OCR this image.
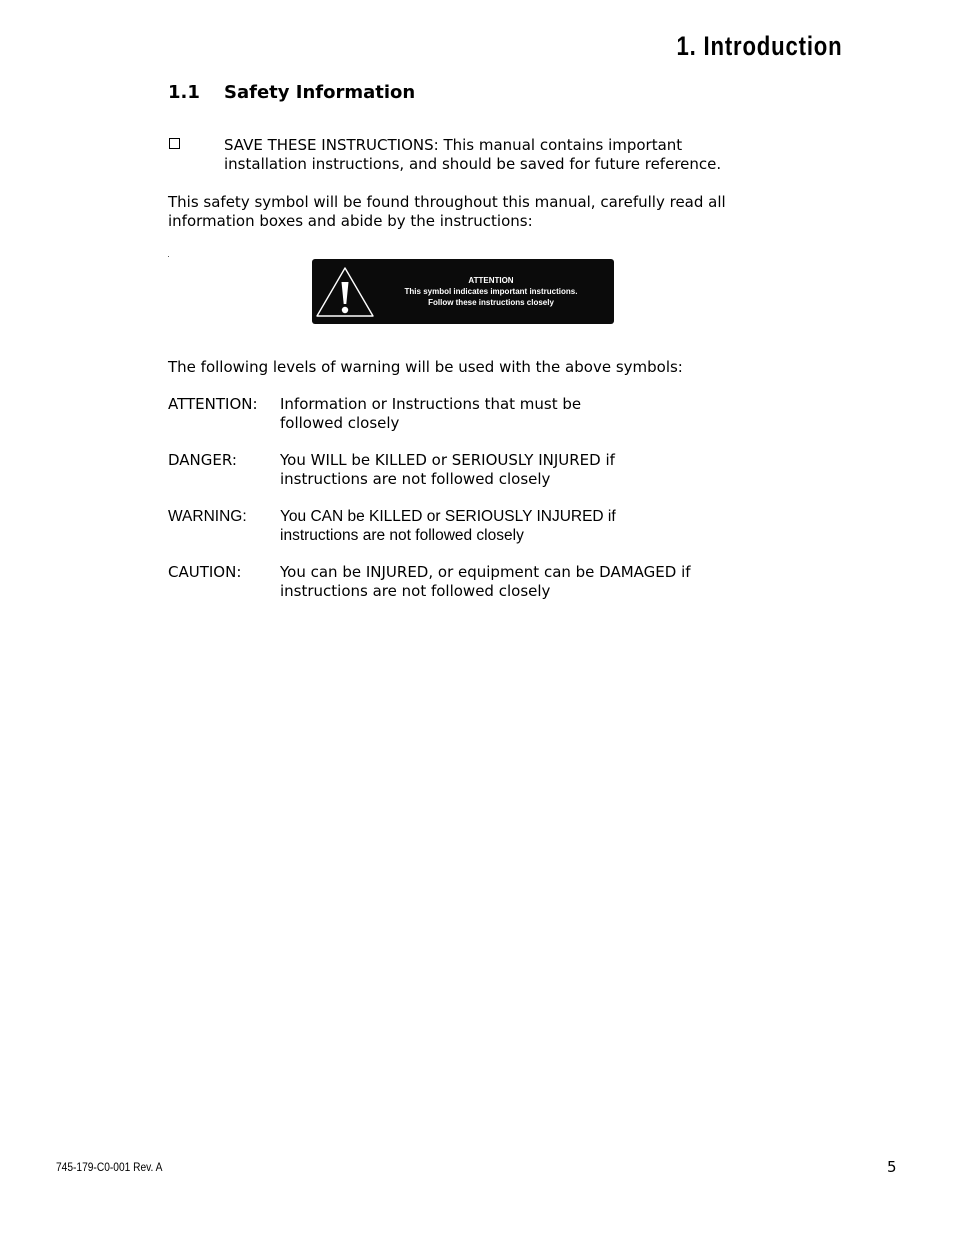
1. Introduction
1.1 Safety Information
SAVE THESE INSTRUCTIONS: This manual contains important
installation instructions, and should be saved for future reference.
This safety symbol will be found throughout this manual, carefully read all
information boxes and abide by the instructions:
ATTENTION
This symbol indicates important instructions.
Follow these instructions closely

The following levels of warning will be used with the above symbols:

ATTENTION: Information or Instructions that must be
followed closely
DANGER:	You WILL be KILLED or SERIOUSLY INJURED if
instructions are not followed closely
WARNING: You CAN be KILLED or SERIOUSLY INJURED if
instructions are not followed closely
CAUTION:	You can be INJURED, or equipment can be DAMAGED if
instructions are not followed closely
745-179-C0-001 Rev. A	5
